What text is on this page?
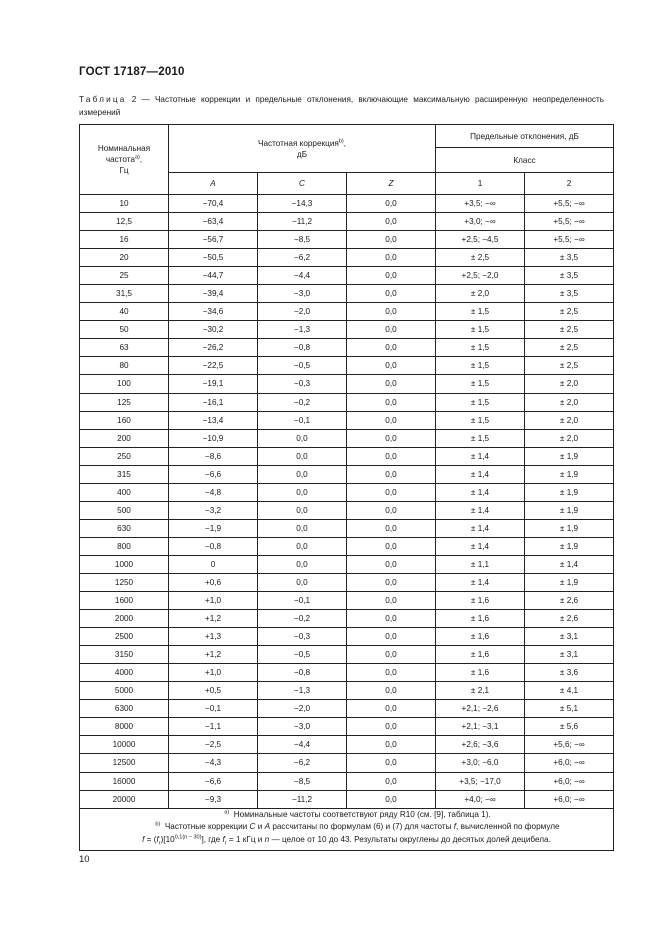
ГОСТ 17187—2010
Таблица 2 — Частотные коррекции и предельные отклонения, включающие максимальную расширенную неопределенность измерений
Номинальная
частота$^{a)}$,
Гц	Частотная коррекция$^{b)}$,
дБ			Предельные отклонения, дБ	
				Класс	
	A	C	Z	1	2
10	−70,4	−14,3	0,0	+3,5; −∞	+5,5; −∞
12,5	−63,4	−11,2	0,0	+3,0; −∞	+5,5; −∞
16	−56,7	−8,5	0,0	+2,5; −4,5	+5,5; −∞
20	−50,5	−6,2	0,0	± 2,5	± 3,5
25	−44,7	−4,4	0,0	+2,5; −2,0	± 3,5
31,5	−39,4	−3,0	0,0	± 2,0	± 3,5
40	−34,6	−2,0	0,0	± 1,5	± 2,5
50	−30,2	−1,3	0,0	± 1,5	± 2,5
63	−26,2	−0,8	0,0	± 1,5	± 2,5
80	−22,5	−0,5	0,0	± 1,5	± 2,5
100	−19,1	−0,3	0,0	± 1,5	± 2,0
125	−16,1	−0,2	0,0	± 1,5	± 2,0
160	−13,4	−0,1	0,0	± 1,5	± 2,0
200	−10,9	0,0	0,0	± 1,5	± 2,0
250	−8,6	0,0	0,0	± 1,4	± 1,9
315	−6,6	0,0	0,0	± 1,4	± 1,9
400	−4,8	0,0	0,0	± 1,4	± 1,9
500	−3,2	0,0	0,0	± 1,4	± 1,9
630	−1,9	0,0	0,0	± 1,4	± 1,9
800	−0,8	0,0	0,0	± 1,4	± 1,9
1000	0	0,0	0,0	± 1,1	± 1,4
1250	+0,6	0,0	0,0	± 1,4	± 1,9
1600	+1,0	−0,1	0,0	± 1,6	± 2,6
2000	+1,2	−0,2	0,0	± 1,6	± 2,6
2500	+1,3	−0,3	0,0	± 1,6	± 3,1
3150	+1,2	−0,5	0,0	± 1,6	± 3,1
4000	+1,0	−0,8	0,0	± 1,6	± 3,6
5000	+0,5	−1,3	0,0	± 2,1	± 4,1
6300	−0,1	−2,0	0,0	+2,1; −2,6	± 5,1
8000	−1,1	−3,0	0,0	+2,1; −3,1	± 5,6
10000	−2,5	−4,4	0,0	+2,6; −3,6	+5,6; −∞
12500	−4,3	−6,2	0,0	+3,0; −6,0	+6,0; −∞
16000	−6,6	−8,5	0,0	+3,5; −17,0	+6,0; −∞
20000	−9,3	−11,2	0,0	+4,0; −∞	+6,0; −∞

$^{a)}$ Номинальные частоты соответствуют ряду R10 (см. [9], таблица 1).
$^{b)}$ Частотные коррекции C и A рассчитаны по формулам (6) и (7) для частоты f, вычисленной по формуле
$f = (f_r)[10^{0,1(n - 30)}]$, где $f_r = 1$ кГц и n — целое от 10 до 43. Результаты округлены до десятых долей децибела.					
10
